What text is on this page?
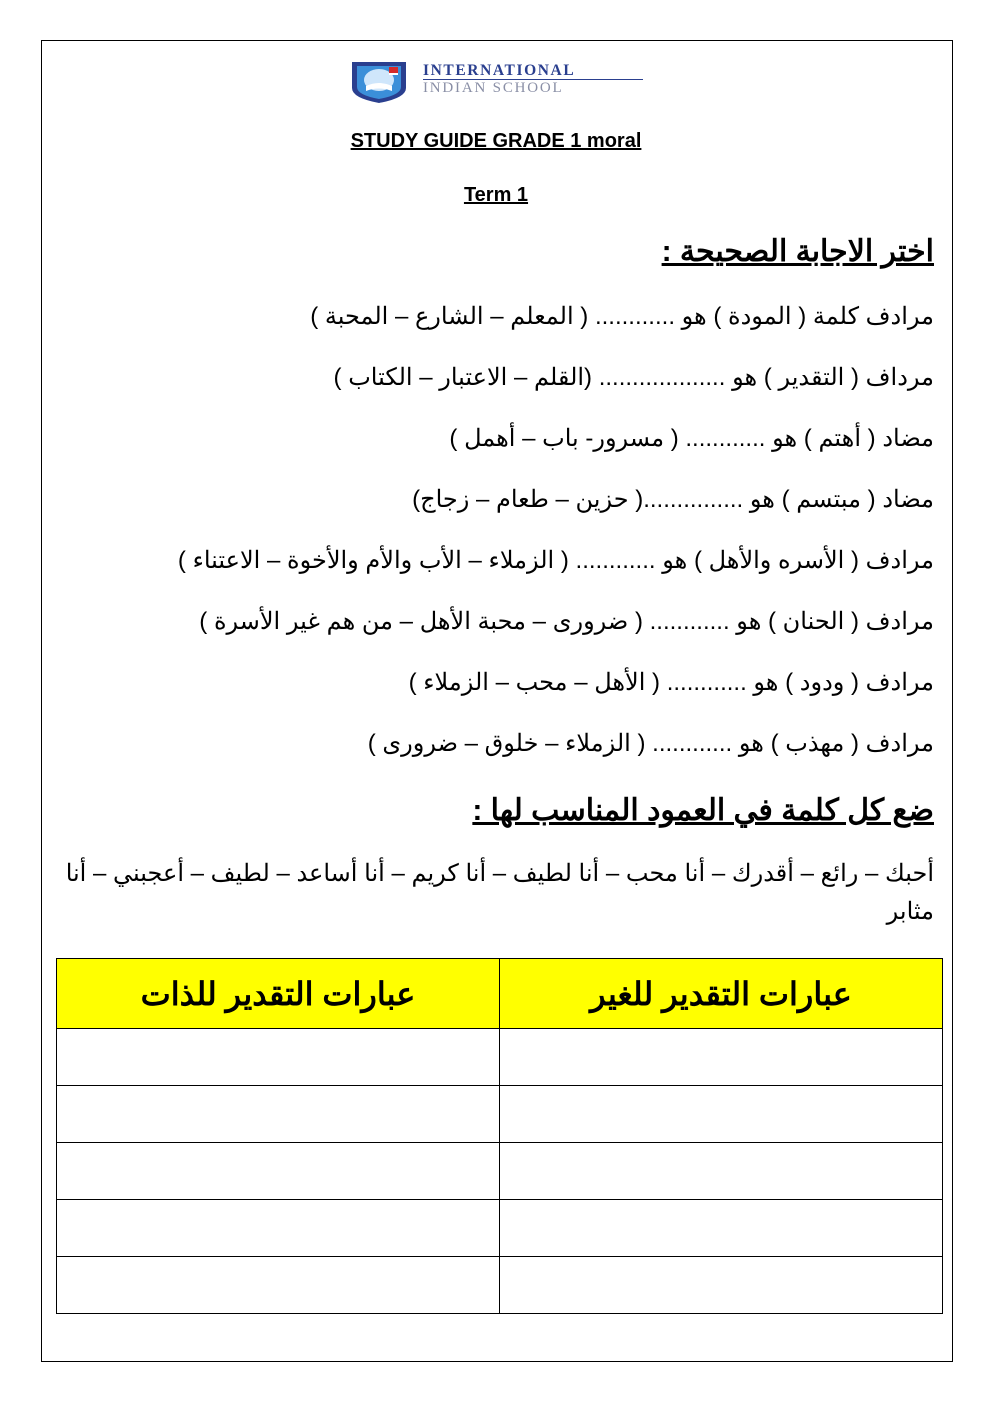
INTERNATIONAL
INDIAN SCHOOL
STUDY GUIDE GRADE 1 moral
Term 1
اختر الاجابة الصحيحة :
مرادف كلمة ( المودة ) هو ............ ( المعلم – الشارع – المحبة )
مرداف ( التقدير ) هو ................... (القلم – الاعتبار – الكتاب )
مضاد ( أهتم ) هو ............ ( مسرور- باب – أهمل )
مضاد ( مبتسم ) هو ...............( حزين – طعام – زجاج)
مرادف ( الأسره والأهل ) هو ............ ( الزملاء – الأب والأم والأخوة – الاعتناء )
مرادف ( الحنان ) هو ............ ( ضرورى – محبة الأهل – من هم غير الأسرة )
مرادف ( ودود ) هو ............ ( الأهل – محب – الزملاء )
مرادف ( مهذب ) هو ............ ( الزملاء – خلوق – ضرورى )
ضع كل كلمة في العمود المناسب لها :
أحبك – رائع – أقدرك – أنا محب – أنا لطيف – أنا كريم – أنا أساعد – لطيف – أعجبني – أنا مثابر
عبارات التقدير للذات	عبارات التقدير للغير
